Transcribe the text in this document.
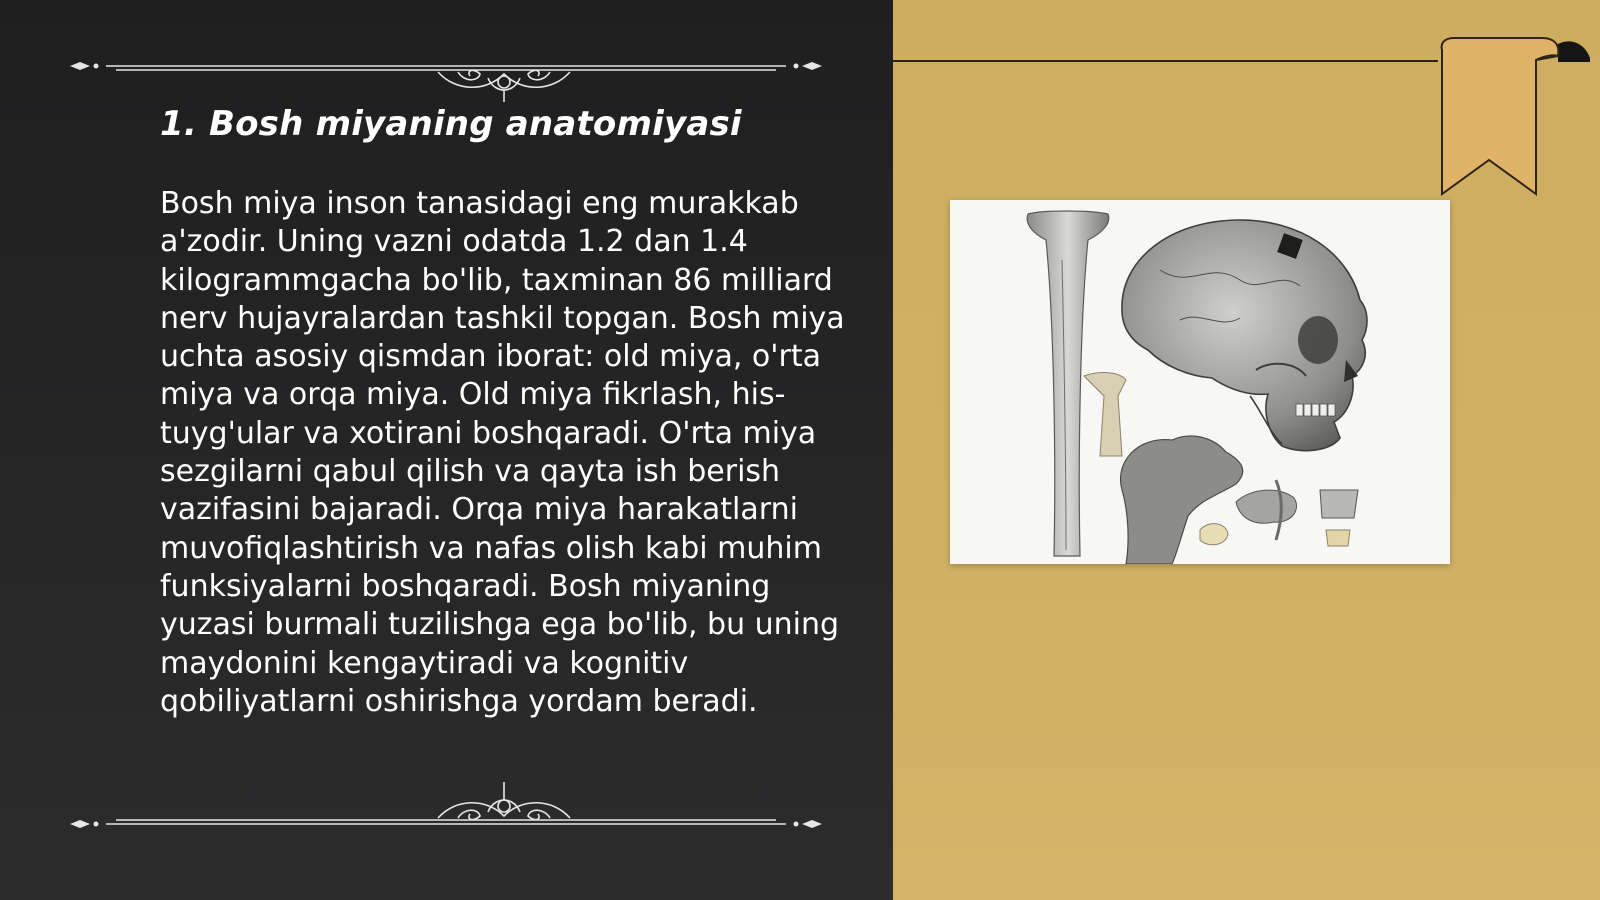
1. Bosh miyaning anatomiyasi

Bosh miya inson tanasidagi eng murakkab a'zodir. Uning vazni odatda 1.2 dan 1.4 kilogrammgacha bo'lib, taxminan 86 milliard nerv hujayralardan tashkil topgan. Bosh miya uchta asosiy qismdan iborat: old miya, o'rta miya va orqa miya. Old miya fikrlash, his-tuyg'ular va xotirani boshqaradi. O'rta miya sezgilarni qabul qilish va qayta ish berish vazifasini bajaradi. Orqa miya harakatlarni muvofiqlashtirish va nafas olish kabi muhim funksiyalarni boshqaradi. Bosh miyaning yuzasi burmali tuzilishga ega bo'lib, bu uning maydonini kengaytiradi va kognitiv qobiliyatlarni oshirishga yordam beradi.
